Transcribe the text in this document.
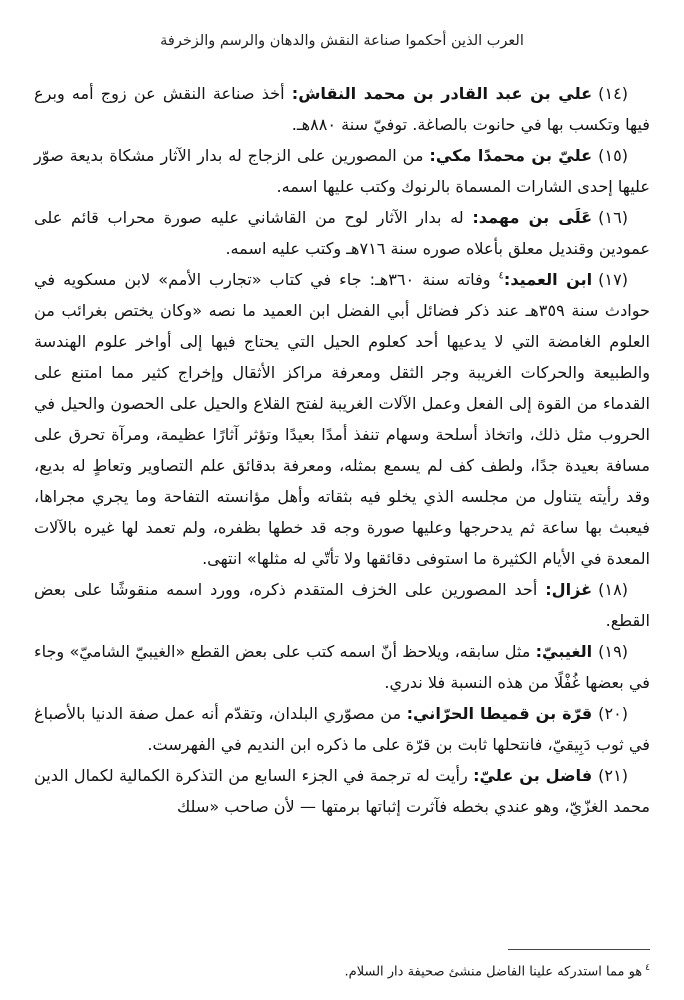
العرب الذين أحكموا صناعة النقش والدهان والرسم والزخرفة

(١٤)علي بن عبد القادر بن محمد النقاش: أخذ صناعة النقش عن زوج أمه وبرع فيها وتكسب بها في حانوت بالصاغة. توفيّ سنة ٨٨٠هـ.

(١٥)عليّ بن محمدًا مكي: من المصورين على الزجاج له بدار الآثار مشكاة بديعة صوّر عليها إحدى الشارات المسماة بالرنوك وكتب عليها اسمه.

(١٦)عَلَى بن مهمد: له بدار الآثار لوح من القاشاني عليه صورة محراب قائم على عمودين وقنديل معلق بأعلاه صوره سنة ٧١٦هـ وكتب عليه اسمه.

(١٧)ابن العميد:$^٤$ وفاته سنة ٣٦٠هـ: جاء في كتاب «تجارب الأمم» لابن مسكويه في حوادث سنة ٣٥٩هـ عند ذكر فضائل أبي الفضل ابن العميد ما نصه «وكان يختص بغرائب من العلوم الغامضة التي لا يدعيها أحد كعلوم الحيل التي يحتاج فيها إلى أواخر علوم الهندسة والطبيعة والحركات الغريبة وجر الثقل ومعرفة مراكز الأثقال وإخراج كثير مما امتنع على القدماء من القوة إلى الفعل وعمل الآلات الغريبة لفتح القلاع والحيل على الحصون والحيل في الحروب مثل ذلك، واتخاذ أسلحة وسهام تنفذ أمدًا بعيدًا وتؤثر آثارًا عظيمة، ومرآة تحرق على مسافة بعيدة جدًا، ولطف كف لم يسمع بمثله، ومعرفة بدقائق علم التصاوير وتعاطٍ له بديع، وقد رأيته يتناول من مجلسه الذي يخلو فيه بثقاته وأهل مؤانسته التفاحة وما يجري مجراها، فيعبث بها ساعة ثم يدحرجها وعليها صورة وجه قد خطها بظفره، ولم تعمد لها غيره بالآلات المعدة في الأيام الكثيرة ما استوفى دقائقها ولا تأتّي له مثلها» انتهى.

(١٨)غزال: أحد المصورين على الخزف المتقدم ذكره، وورد اسمه منقوشًا على بعض القطع.

(١٩)الغيبيّ: مثل سابقه، ويلاحظ أنّ اسمه كتب على بعض القطع «الغيبيّ الشاميّ» وجاء في بعضها غُفْلًا من هذه النسبة فلا ندري.

(٢٠)قرّة بن قميطا الحرّاني: من مصوّري البلدان، وتقدّم أنه عمل صفة الدنيا بالأصباغ في ثوب دَبِيقيّ، فانتحلها ثابت بن قرّة على ما ذكره ابن النديم في الفهرست.

(٢١)فاضل بن عليّ: رأيت له ترجمة في الجزء السابع من التذكرة الكمالية لكمال الدين محمد الغزّيّ، وهو عندي بخطه فآثرت إثباتها برمتها — لأن صاحب «سلك

$^٤$هو مما استدركه علينا الفاضل منشئ صحيفة دار السلام.
